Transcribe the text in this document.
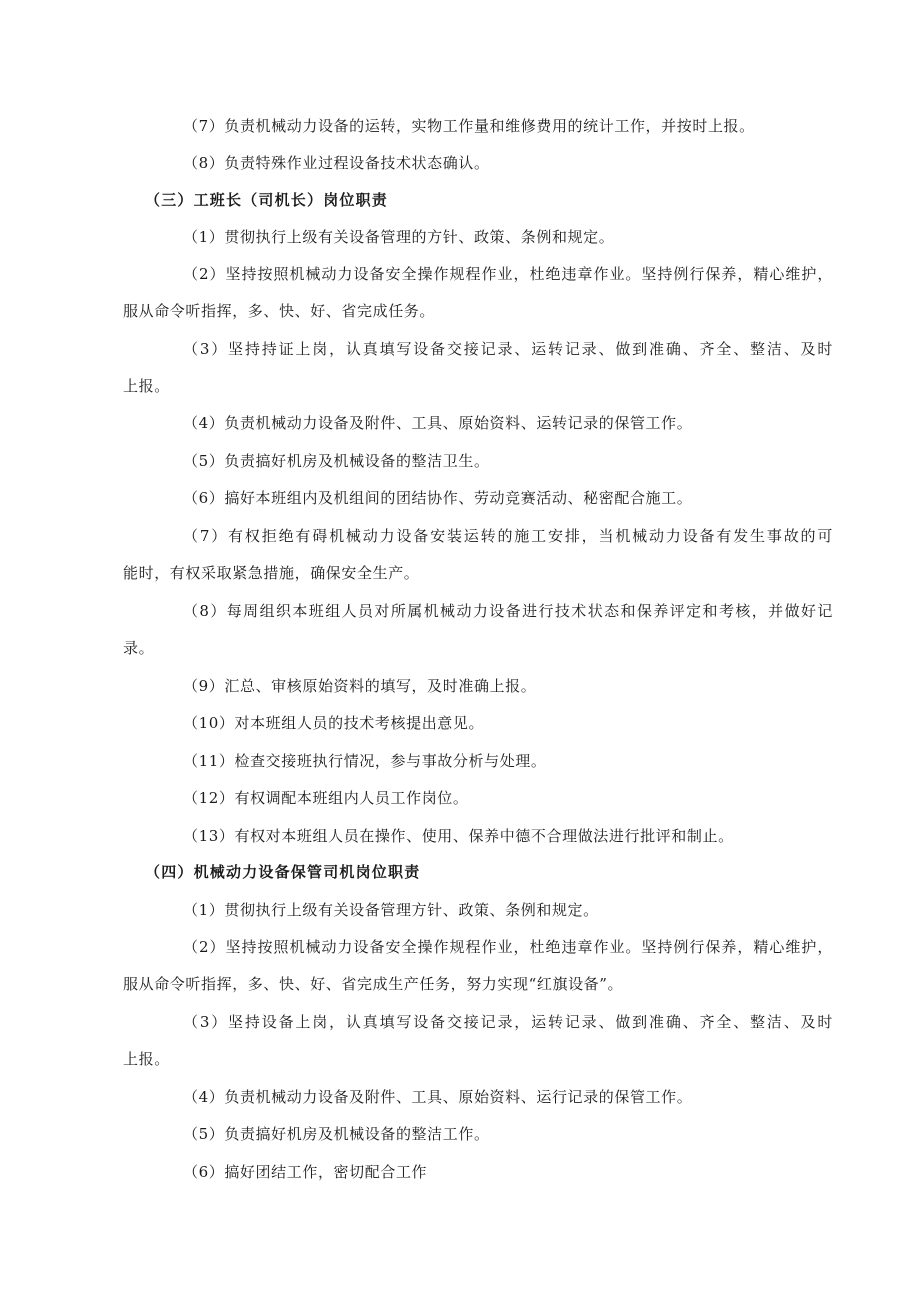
（7）负责机械动力设备的运转，实物工作量和维修费用的统计工作，并按时上报。
（8）负责特殊作业过程设备技术状态确认。
（三）工班长（司机长）岗位职责
（1）贯彻执行上级有关设备管理的方针、政策、条例和规定。
（2）坚持按照机械动力设备安全操作规程作业，杜绝违章作业。坚持例行保养，精心维护，
服从命令听指挥，多、快、好、省完成任务。
（3）坚持持证上岗，认真填写设备交接记录、运转记录、做到准确、齐全、整洁、及时
上报。
（4）负责机械动力设备及附件、工具、原始资料、运转记录的保管工作。
（5）负责搞好机房及机械设备的整洁卫生。
（6）搞好本班组内及机组间的团结协作、劳动竞赛活动、秘密配合施工。
（7）有权拒绝有碍机械动力设备安装运转的施工安排，当机械动力设备有发生事故的可
能时，有权采取紧急措施，确保安全生产。
（8）每周组织本班组人员对所属机械动力设备进行技术状态和保养评定和考核，并做好记
录。
（9）汇总、审核原始资料的填写，及时准确上报。
（10）对本班组人员的技术考核提出意见。
（11）检查交接班执行情况，参与事故分析与处理。
（12）有权调配本班组内人员工作岗位。
（13）有权对本班组人员在操作、使用、保养中德不合理做法进行批评和制止。
（四）机械动力设备保管司机岗位职责
（1）贯彻执行上级有关设备管理方针、政策、条例和规定。
（2）坚持按照机械动力设备安全操作规程作业，杜绝违章作业。坚持例行保养，精心维护，
服从命令听指挥，多、快、好、省完成生产任务，努力实现“红旗设备”。
（3）坚持设备上岗，认真填写设备交接记录，运转记录、做到准确、齐全、整洁、及时
上报。
（4）负责机械动力设备及附件、工具、原始资料、运行记录的保管工作。
（5）负责搞好机房及机械设备的整洁工作。
（6）搞好团结工作，密切配合工作
